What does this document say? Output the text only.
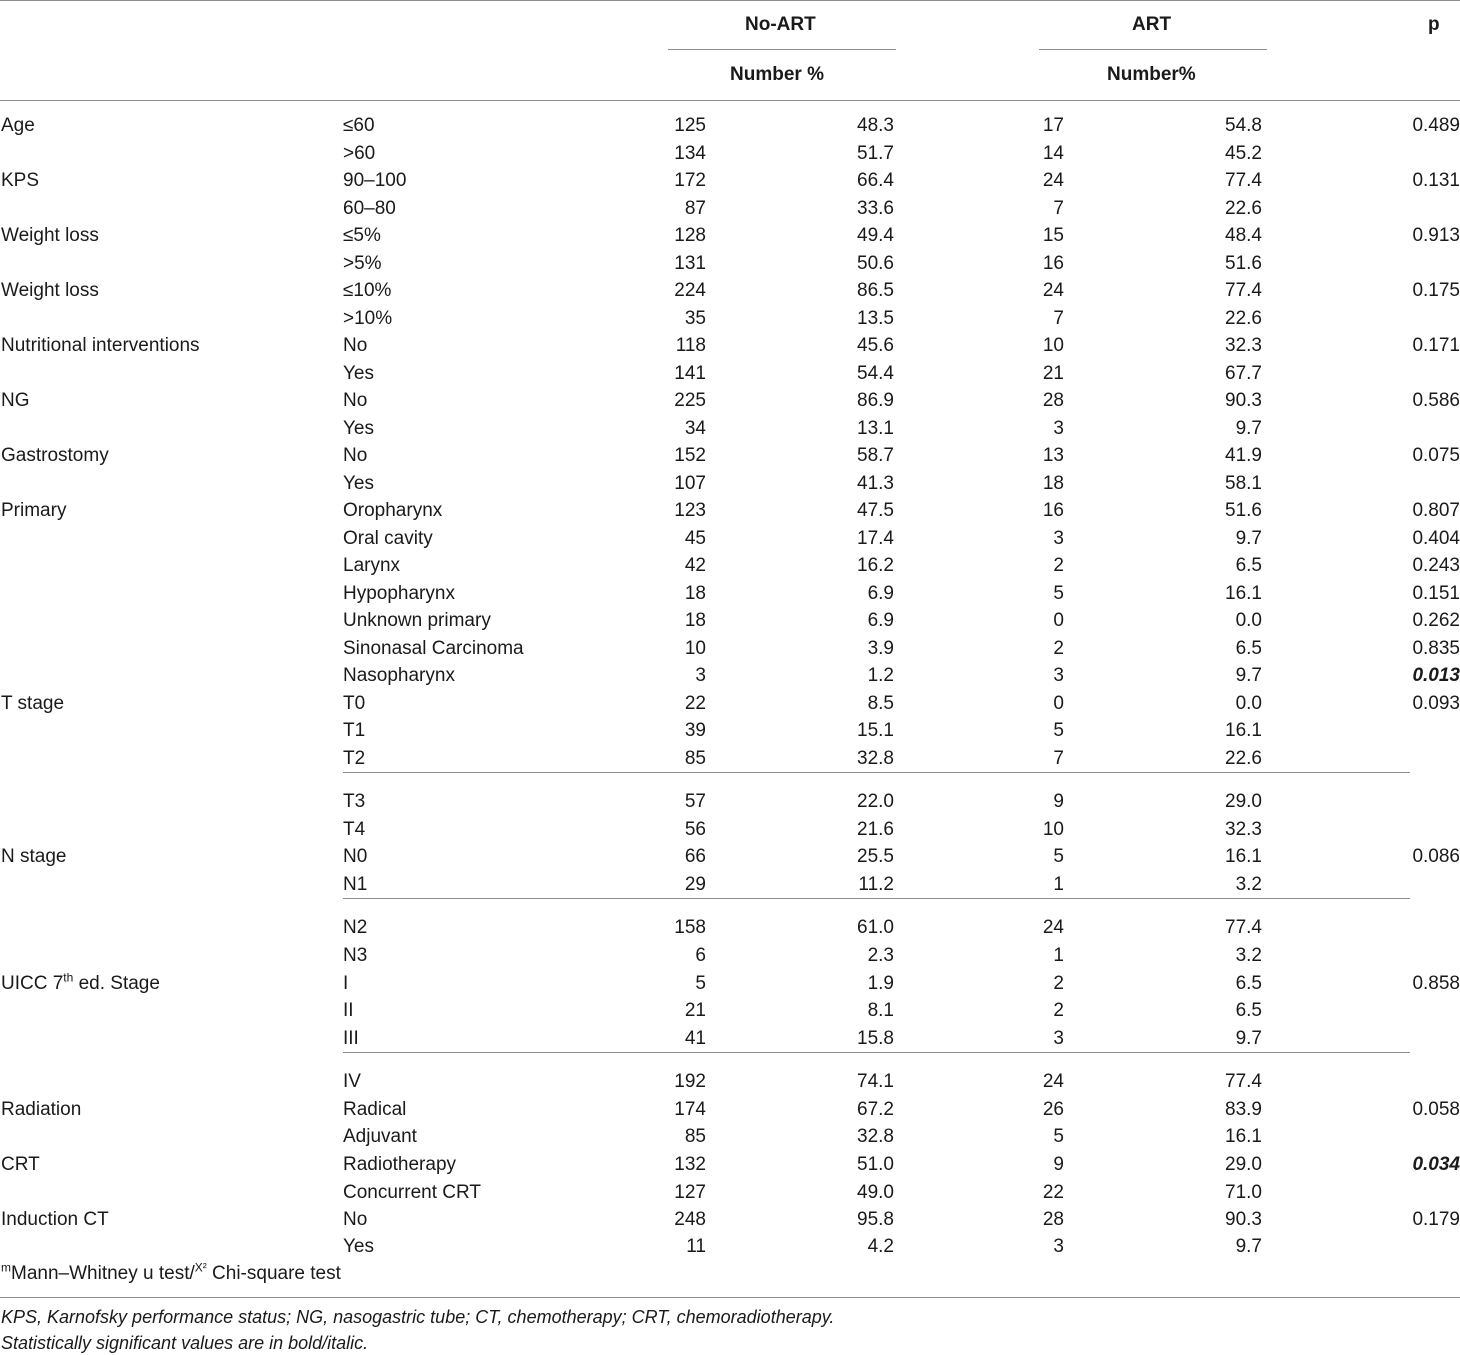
No-ART	ART	p
Number %	Number%
Age	≤60	125	48.3	17	54.8	0.489
˃60	134	51.7	14	45.2
KPS	90–100	172	66.4	24	77.4	0.131
60–80	87	33.6	7	22.6
Weight loss	≤5%	128	49.4	15	48.4	0.913
˃5%	131	50.6	16	51.6
Weight loss	≤10%	224	86.5	24	77.4	0.175
˃10%	35	13.5	7	22.6
Nutritional interventions	No	118	45.6	10	32.3	0.171
Yes	141	54.4	21	67.7
NG	No	225	86.9	28	90.3	0.586
Yes	34	13.1	3	9.7
Gastrostomy	No	152	58.7	13	41.9	0.075
Yes	107	41.3	18	58.1
Primary	Oropharynx	123	47.5	16	51.6	0.807
Oral cavity	45	17.4	3	9.7	0.404
Larynx	42	16.2	2	6.5	0.243
Hypopharynx	18	6.9	5	16.1	0.151
Unknown primary	18	6.9	0	0.0	0.262
Sinonasal Carcinoma	10	3.9	2	6.5	0.835
Nasopharynx	3	1.2	3	9.7	0.013
T stage	T0	22	8.5	0	0.0	0.093
T1	39	15.1	5	16.1
T2	85	32.8	7	22.6
T3	57	22.0	9	29.0
T4	56	21.6	10	32.3
N stage	N0	66	25.5	5	16.1	0.086
N1	29	11.2	1	3.2
N2	158	61.0	24	77.4
N3	6	2.3	1	3.2
UICC 7th ed. Stage	I	5	1.9	2	6.5	0.858
II	21	8.1	2	6.5
III	41	15.8	3	9.7
IV	192	74.1	24	77.4
Radiation	Radical	174	67.2	26	83.9	0.058
Adjuvant	85	32.8	5	16.1
CRT	Radiotherapy	132	51.0	9	29.0	0.034
Concurrent CRT	127	49.0	22	71.0
Induction CT	No	248	95.8	28	90.3	0.179
Yes	11	4.2	3	9.7
$^m$Mann–Whitney u test/$^{X^2}$ Chi-square test
KPS, Karnofsky performance status; NG, nasogastric tube; CT, chemotherapy; CRT, chemoradiotherapy.
Statistically significant values are in bold/italic.
